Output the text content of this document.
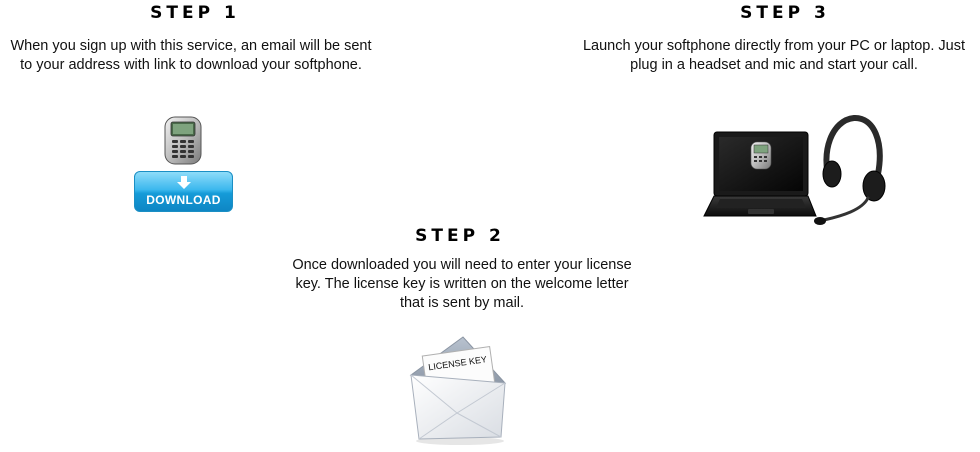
STEP 1
When you sign up with this service, an email will be sent to your address with link to download your softphone.
DOWNLOAD
STEP 3
Launch your softphone directly from your PC or laptop. Just plug in a headset and mic and start your call.
STEP 2
Once downloaded you will need to enter your license key. The license key is written on the welcome letter that is sent by mail.
LICENSE KEY
